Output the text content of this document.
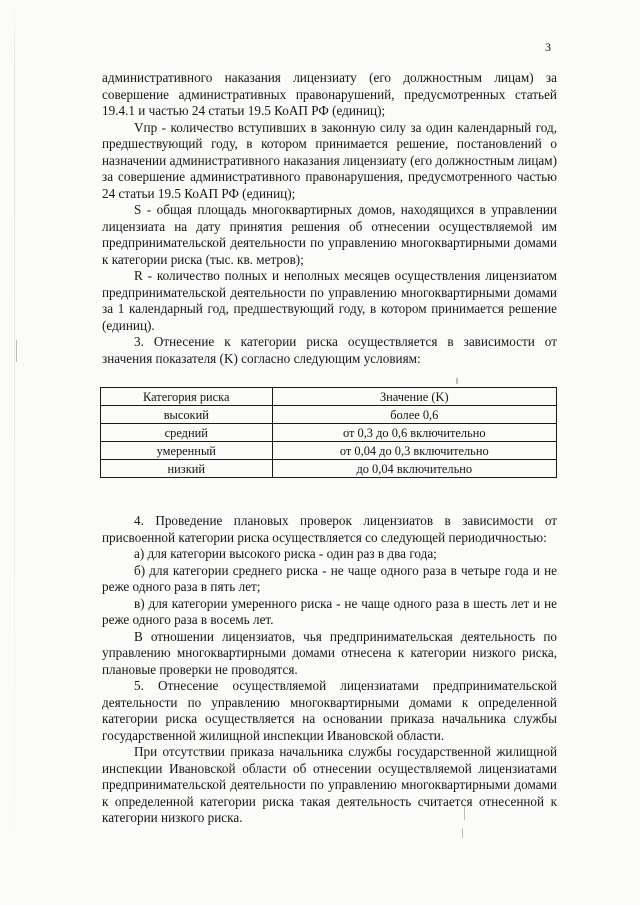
3

административного наказания лицензиату (его должностным лицам) за совершение административных правонарушений, предусмотренных статьей 19.4.1 и частью 24 статьи 19.5 КоАП РФ (единиц);

Vпр - количество вступивших в законную силу за один календарный год, предшествующий году, в котором принимается решение, постановлений о назначении административного наказания лицензиату (его должностным лицам) за совершение административного правонарушения, предусмотренного частью 24 статьи 19.5 КоАП РФ (единиц);

S - общая площадь многоквартирных домов, находящихся в управлении лицензиата на дату принятия решения об отнесении осуществляемой им предпринимательской деятельности по управлению многоквартирными домами к категории риска (тыс. кв. метров);

R - количество полных и неполных месяцев осуществления лицензиатом предпринимательской деятельности по управлению многоквартирными домами за 1 календарный год, предшествующий году, в котором принимается решение (единиц).

3. Отнесение к категории риска осуществляется в зависимости от значения показателя (K) согласно следующим условиям:

Категория риска	Значение (K)
высокий	более 0,6
средний	от 0,3 до 0,6 включительно
умеренный	от 0,04 до 0,3 включительно
низкий	до 0,04 включительно

4. Проведение плановых проверок лицензиатов в зависимости от присвоенной категории риска осуществляется со следующей периодичностью:

а) для категории высокого риска - один раз в два года;

б) для категории среднего риска - не чаще одного раза в четыре года и не реже одного раза в пять лет;

в) для категории умеренного риска - не чаще одного раза в шесть лет и не реже одного раза в восемь лет.

В отношении лицензиатов, чья предпринимательская деятельность по управлению многоквартирными домами отнесена к категории низкого риска, плановые проверки не проводятся.

5. Отнесение осуществляемой лицензиатами предпринимательской деятельности по управлению многоквартирными домами к определенной категории риска осуществляется на основании приказа начальника службы государственной жилищной инспекции Ивановской области.

При отсутствии приказа начальника службы государственной жилищной инспекции Ивановской области об отнесении осуществляемой лицензиатами предпринимательской деятельности по управлению многоквартирными домами к определенной категории риска такая деятельность считается отнесенной к категории низкого риска.
